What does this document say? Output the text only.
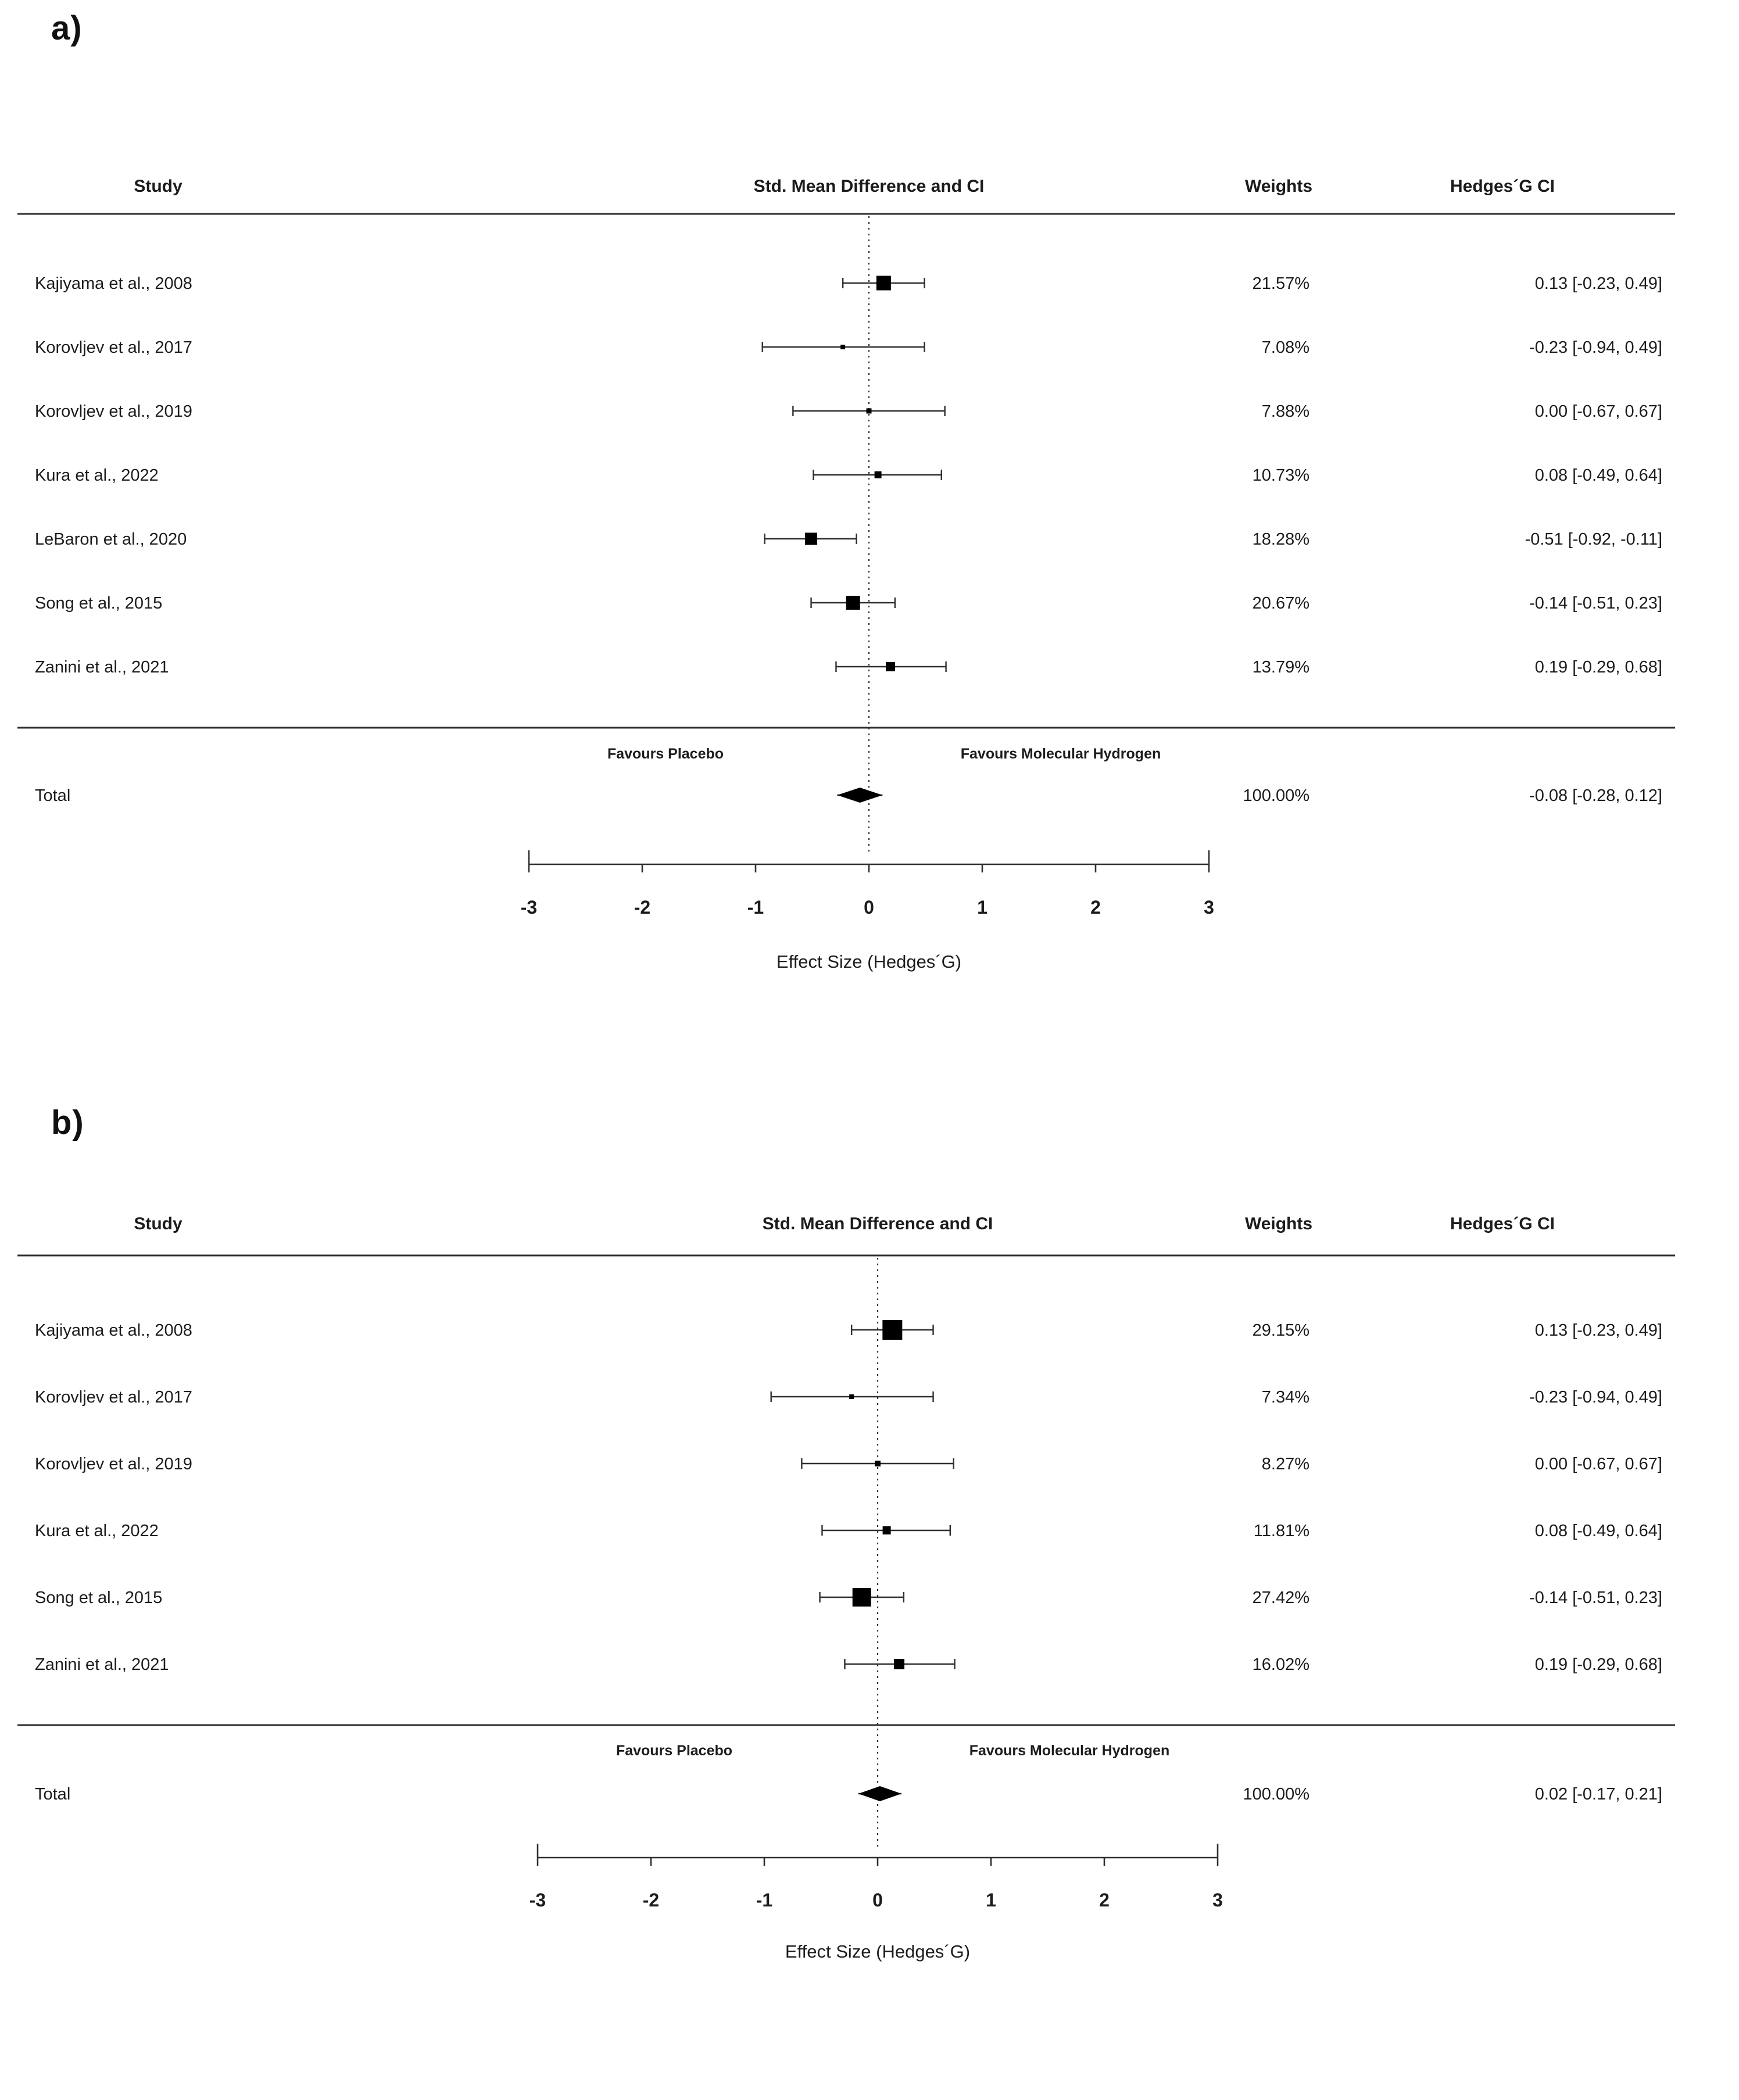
a)
Study	Std. Mean Difference and CI	Weights	Hedges´G CI
Kajiyama et al., 2008	21.57%	0.13 [-0.23, 0.49]
Korovljev et al., 2017	7.08%	-0.23 [-0.94, 0.49]
Korovljev et al., 2019	7.88%	0.00 [-0.67, 0.67]
Kura et al., 2022	10.73%	0.08 [-0.49, 0.64]
LeBaron et al., 2020	18.28%	-0.51 [-0.92, -0.11]
Song et al., 2015	20.67%	-0.14 [-0.51, 0.23]
Zanini et al., 2021	13.79%	0.19 [-0.29, 0.68]
Favours Placebo	Favours Molecular Hydrogen
Total	100.00%	-0.08 [-0.28, 0.12]
-3	-2	-1	0	1	2	3
Effect Size (Hedges´G)
b)
Study	Std. Mean Difference and CI	Weights	Hedges´G CI
Kajiyama et al., 2008	29.15%	0.13 [-0.23, 0.49]
Korovljev et al., 2017	7.34%	-0.23 [-0.94, 0.49]
Korovljev et al., 2019	8.27%	0.00 [-0.67, 0.67]
Kura et al., 2022	11.81%	0.08 [-0.49, 0.64]
Song et al., 2015	27.42%	-0.14 [-0.51, 0.23]
Zanini et al., 2021	16.02%	0.19 [-0.29, 0.68]
Favours Placebo	Favours Molecular Hydrogen
Total	100.00%	0.02 [-0.17, 0.21]
-3	-2	-1	0	1	2	3
Effect Size (Hedges´G)
